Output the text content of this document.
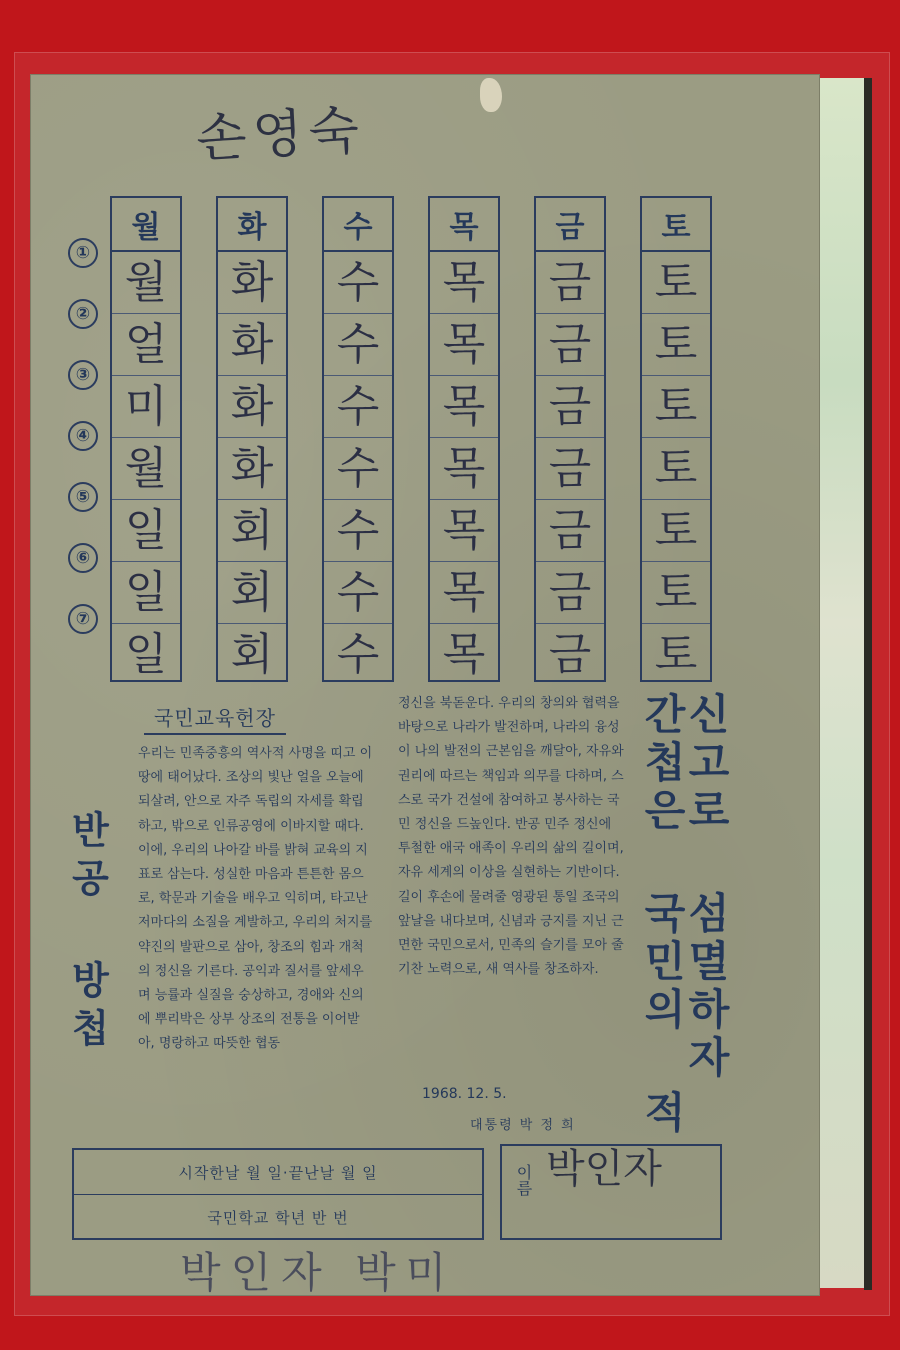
손영숙
①
②
③
④
⑤
⑥
⑦
월
월
얼
미
월
일
일
일
화
화
화
화
화
회
회
회
수
수
수
수
수
수
수
수
목
목
목
목
목
목
목
목
금
금
금
금
금
금
금
금
토
토
토
토
토
토
토
토
국민교육헌장
우리는 민족중흥의 역사적 사명을 띠고 이 땅에 태어났다. 조상의 빛난 얼을 오늘에 되살려, 안으로 자주 독립의 자세를 확립하고, 밖으로 인류공영에 이바지할 때다. 이에, 우리의 나아갈 바를 밝혀 교육의 지표로 삼는다. 성실한 마음과 튼튼한 몸으로, 학문과 기술을 배우고 익히며, 타고난 저마다의 소질을 계발하고, 우리의 처지를 약진의 발판으로 삼아, 창조의 힘과 개척의 정신을 기른다. 공익과 질서를 앞세우며 능률과 실질을 숭상하고, 경애와 신의에 뿌리박은 상부 상조의 전통을 이어받아, 명랑하고 따뜻한 협동
정신을 북돋운다. 우리의 창의와 협력을 바탕으로 나라가 발전하며, 나라의 융성이 나의 발전의 근본임을 깨달아, 자유와 권리에 따르는 책임과 의무를 다하며, 스스로 국가 건설에 참여하고 봉사하는 국민 정신을 드높인다. 반공 민주 정신에 투철한 애국 애족이 우리의 삶의 길이며, 자유 세계의 이상을 실현하는 기반이다. 길이 후손에 물려줄 영광된 통일 조국의 앞날을 내다보며, 신념과 긍지를 지닌 근면한 국민으로서, 민족의 슬기를 모아 줄기찬 노력으로, 새 역사를 창조하자.
1968. 12. 5.
대통령 박 정 희
반공 방첩	신고로 섬멸하자
간첩은 국민의 적
시작한날 월 일·끝난날 월 일
국민학교 학년 반 번
이름 박인자
박인자 박미
